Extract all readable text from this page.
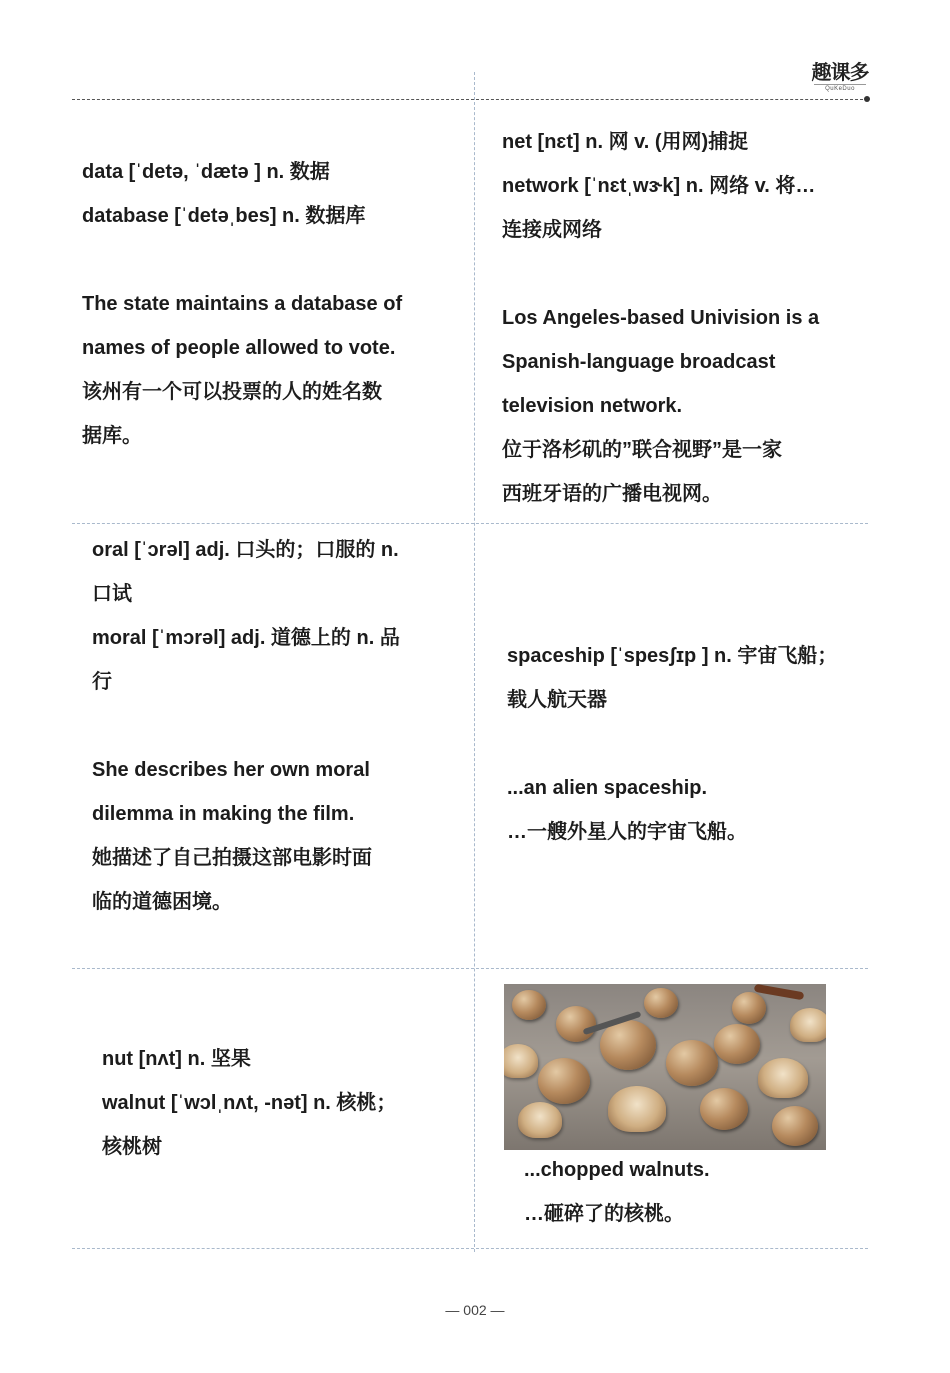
趣课多
QuKeDuo
data [ˈdetə, ˈdætə ] n. 数据
database [ˈdetəˌbes] n. 数据库
The state maintains a database of
names of people allowed to vote.
该州有一个可以投票的人的姓名数
据库。
net [nɛt] n. 网 v. (用网)捕捉
network [ˈnɛtˌwɝk] n. 网络 v. 将…
连接成网络
Los Angeles-based Univision is a
Spanish-language broadcast
television network.
位于洛杉矶的”联合视野”是一家
西班牙语的广播电视网。
oral [ˈɔrəl] adj. 口头的；口服的 n.
口试
moral [ˈmɔrəl] adj. 道德上的 n. 品
行
She describes her own moral
dilemma in making the film.
她描述了自己拍摄这部电影时面
临的道德困境。
spaceship [ˈspesʃɪp ] n. 宇宙飞船；
载人航天器
...an alien spaceship.
…一艘外星人的宇宙飞船。
nut [nʌt] n. 坚果
walnut [ˈwɔlˌnʌt, -nət] n. 核桃；
核桃树
...chopped walnuts.
…砸碎了的核桃。
— 002 —
